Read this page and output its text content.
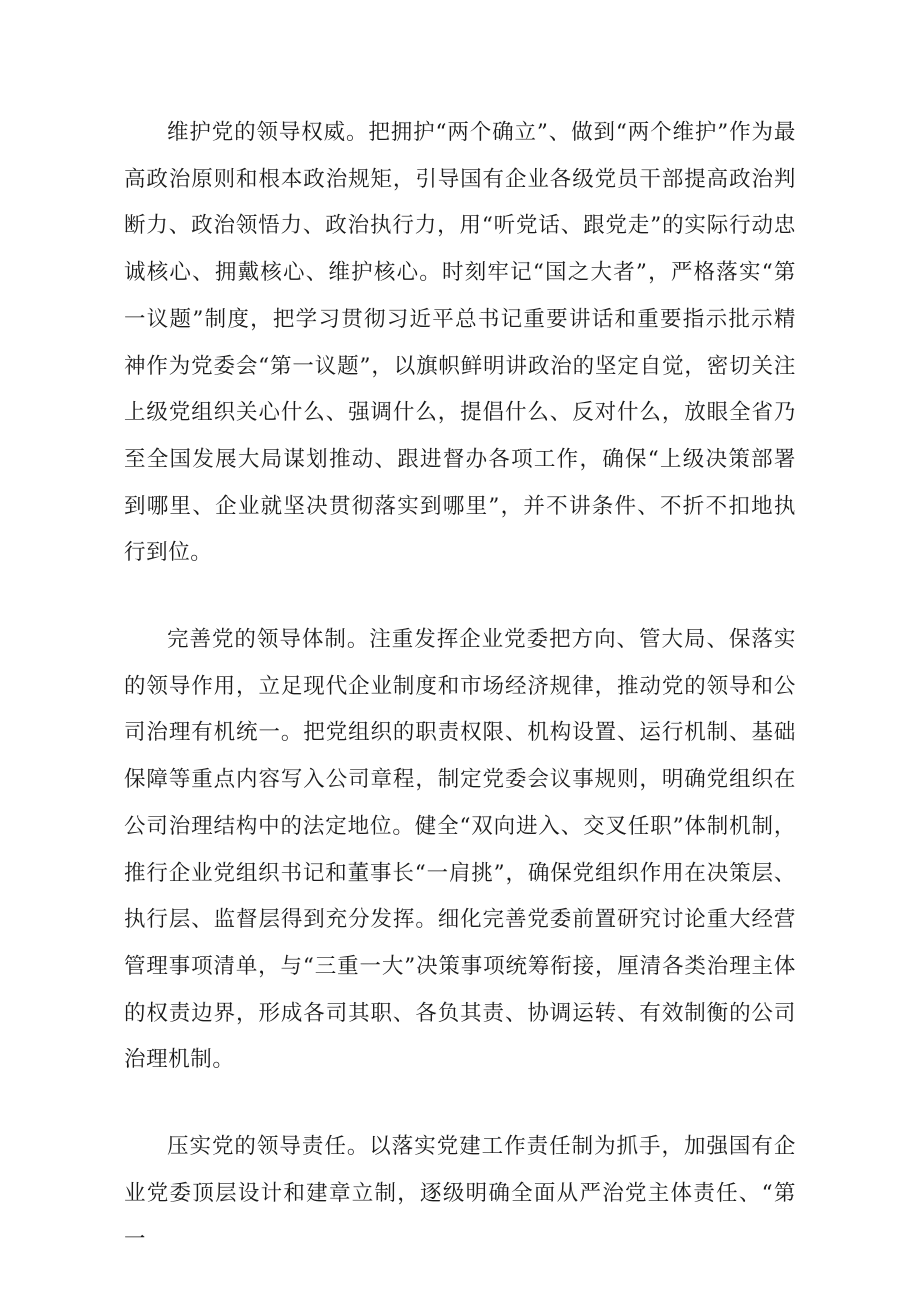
维护党的领导权威。把拥护“两个确立”、做到“两个维护”作为最高政治原则和根本政治规矩，引导国有企业各级党员干部提高政治判断力、政治领悟力、政治执行力，用“听党话、跟党走”的实际行动忠诚核心、拥戴核心、维护核心。时刻牢记“国之大者”，严格落实“第一议题”制度，把学习贯彻习近平总书记重要讲话和重要指示批示精神作为党委会“第一议题”，以旗帜鲜明讲政治的坚定自觉，密切关注上级党组织关心什么、强调什么，提倡什么、反对什么，放眼全省乃至全国发展大局谋划推动、跟进督办各项工作，确保“上级决策部署到哪里、企业就坚决贯彻落实到哪里”，并不讲条件、不折不扣地执行到位。

完善党的领导体制。注重发挥企业党委把方向、管大局、保落实的领导作用，立足现代企业制度和市场经济规律，推动党的领导和公司治理有机统一。把党组织的职责权限、机构设置、运行机制、基础保障等重点内容写入公司章程，制定党委会议事规则，明确党组织在公司治理结构中的法定地位。健全“双向进入、交叉任职”体制机制，推行企业党组织书记和董事长“一肩挑”，确保党组织作用在决策层、执行层、监督层得到充分发挥。细化完善党委前置研究讨论重大经营管理事项清单，与“三重一大”决策事项统筹衔接，厘清各类治理主体的权责边界，形成各司其职、各负其责、协调运转、有效制衡的公司治理机制。

压实党的领导责任。以落实党建工作责任制为抓手，加强国有企业党委顶层设计和建章立制，逐级明确全面从严治党主体责任、“第一
